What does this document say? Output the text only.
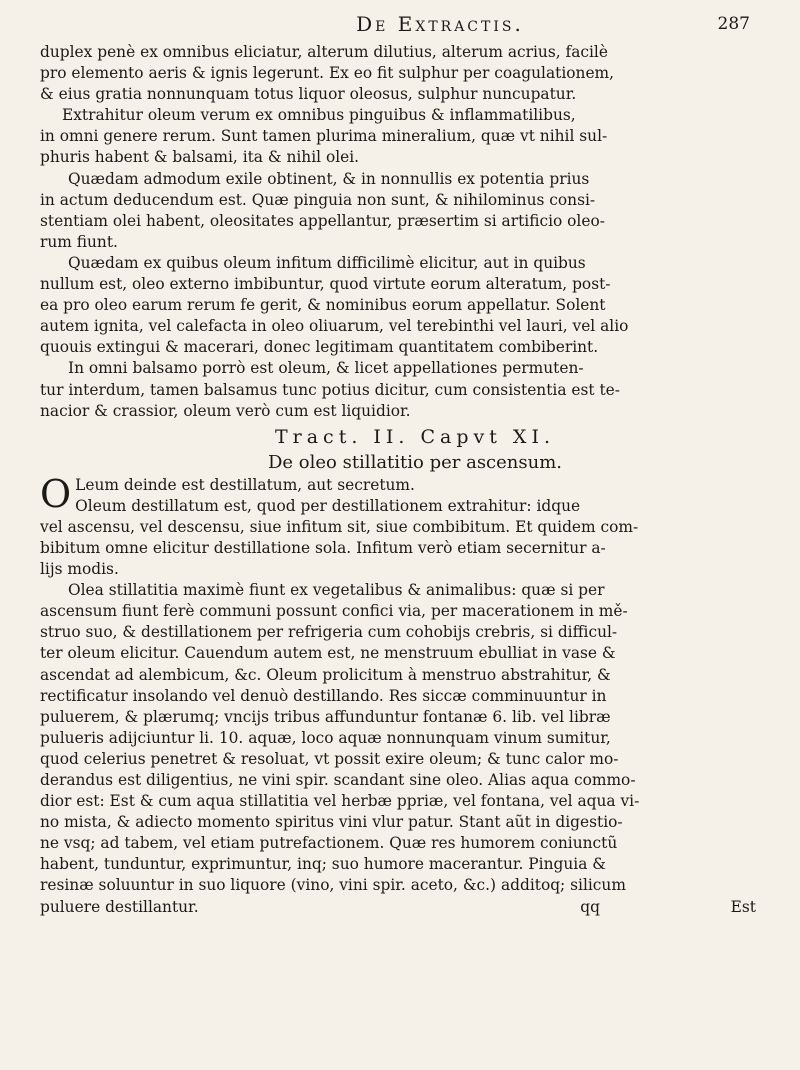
De Extractis.	287
duplex penè ex omnibus eliciatur, alterum dilutius, alterum acrius, facilè
pro elemento aeris & ignis legerunt. Ex eo fit sulphur per coagulationem,
& eius gratia nonnunquam totus liquor oleosus, sulphur nuncupatur.
Extrahitur oleum verum ex omnibus pinguibus & inflammatilibus,
in omni genere rerum. Sunt tamen plurima mineralium, quæ vt nihil sul-
phuris habent & balsami, ita & nihil olei.
Quædam admodum exile obtinent, & in nonnullis ex potentia prius
in actum deducendum est. Quæ pinguia non sunt, & nihilominus consi-
stentiam olei habent, oleositates appellantur, præsertim si artificio oleo-
rum fiunt.
Quædam ex quibus oleum infitum difficilimè elicitur, aut in quibus
nullum est, oleo externo imbibuntur, quod virtute eorum alteratum, post-
ea pro oleo earum rerum fe gerit, & nominibus eorum appellatur. Solent
autem ignita, vel calefacta in oleo oliuarum, vel terebinthi vel lauri, vel alio
quouis extingui & macerari, donec legitimam quantitatem combiberint.
In omni balsamo porrò est oleum, & licet appellationes permuten-
tur interdum, tamen balsamus tunc potius dicitur, cum consistentia est te-
nacior & crassior, oleum verò cum est liquidior.
Tract. II. Capvt XI.
De oleo stillatitio per ascensum.
O Leum deinde est destillatum, aut secretum.
Oleum destillatum est, quod per destillationem extrahitur: idque
vel ascensu, vel descensu, siue infitum sit, siue combibitum. Et quidem com-
bibitum omne elicitur destillatione sola. Infitum verò etiam secernitur a-
lijs modis.
Olea stillatitia maximè fiunt ex vegetalibus & animalibus: quæ si per
ascensum fiunt ferè communi possunt confici via, per macerationem in mě-
struo suo, & destillationem per refrigeria cum cohobijs crebris, si difficul-
ter oleum elicitur. Cauendum autem est, ne menstruum ebulliat in vase &
ascendat ad alembicum, &c. Oleum prolicitum à menstruo abstrahitur, &
rectificatur insolando vel denuò destillando. Res siccæ comminuuntur in
puluerem, & plærumq; vncijs tribus affunduntur fontanæ 6. lib. vel libræ
pulueris adijciuntur li. 10. aquæ, loco aquæ nonnunquam vinum sumitur,
quod celerius penetret & resoluat, vt possit exire oleum; & tunc calor mo-
derandus est diligentius, ne vini spir. scandant sine oleo. Alias aqua commo-
dior est: Est & cum aqua stillatitia vel herbæ ppriæ, vel fontana, vel aqua vi-
no mista, & adiecto momento spiritus vini vlur patur. Stant aũt in digestio-
ne vsq; ad tabem, vel etiam putrefactionem. Quæ res humorem coniunctũ
habent, tunduntur, exprimuntur, inq; suo humore macerantur. Pinguia &
resinæ soluuntur in suo liquore (vino, vini spir. aceto, &c.) additoq; silicum
puluere destillantur.	qq	Est
